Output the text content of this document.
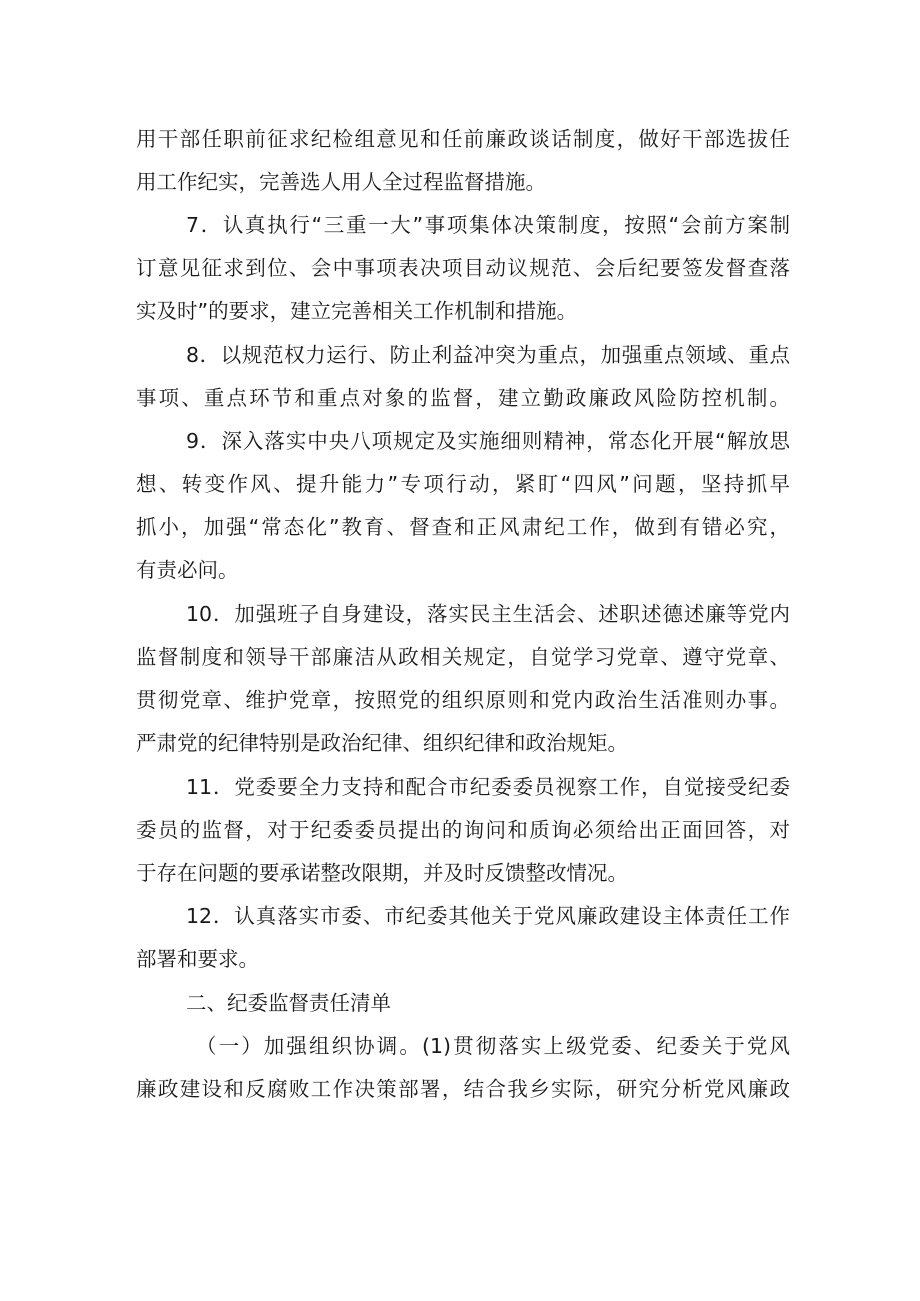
用干部任职前征求纪检组意见和任前廉政谈话制度，做好干部选拔任
用工作纪实，完善选人用人全过程监督措施。
7．认真执行“三重一大”事项集体决策制度，按照“会前方案制
订意见征求到位、会中事项表决项目动议规范、会后纪要签发督查落
实及时”的要求，建立完善相关工作机制和措施。
8．以规范权力运行、防止利益冲突为重点，加强重点领域、重点
事项、重点环节和重点对象的监督，建立勤政廉政风险防控机制。
9．深入落实中央八项规定及实施细则精神，常态化开展“解放思
想、转变作风、提升能力”专项行动，紧盯“四风”问题，坚持抓早
抓小，加强“常态化”教育、督查和正风肃纪工作，做到有错必究，
有责必问。
10．加强班子自身建设，落实民主生活会、述职述德述廉等党内
监督制度和领导干部廉洁从政相关规定，自觉学习党章、遵守党章、
贯彻党章、维护党章，按照党的组织原则和党内政治生活准则办事。
严肃党的纪律特别是政治纪律、组织纪律和政治规矩。
11．党委要全力支持和配合市纪委委员视察工作，自觉接受纪委
委员的监督，对于纪委委员提出的询问和质询必须给出正面回答，对
于存在问题的要承诺整改限期，并及时反馈整改情况。
12．认真落实市委、市纪委其他关于党风廉政建设主体责任工作
部署和要求。
二、纪委监督责任清单
（一）加强组织协调。(1)贯彻落实上级党委、纪委关于党风
廉政建设和反腐败工作决策部署，结合我乡实际，研究分析党风廉政
